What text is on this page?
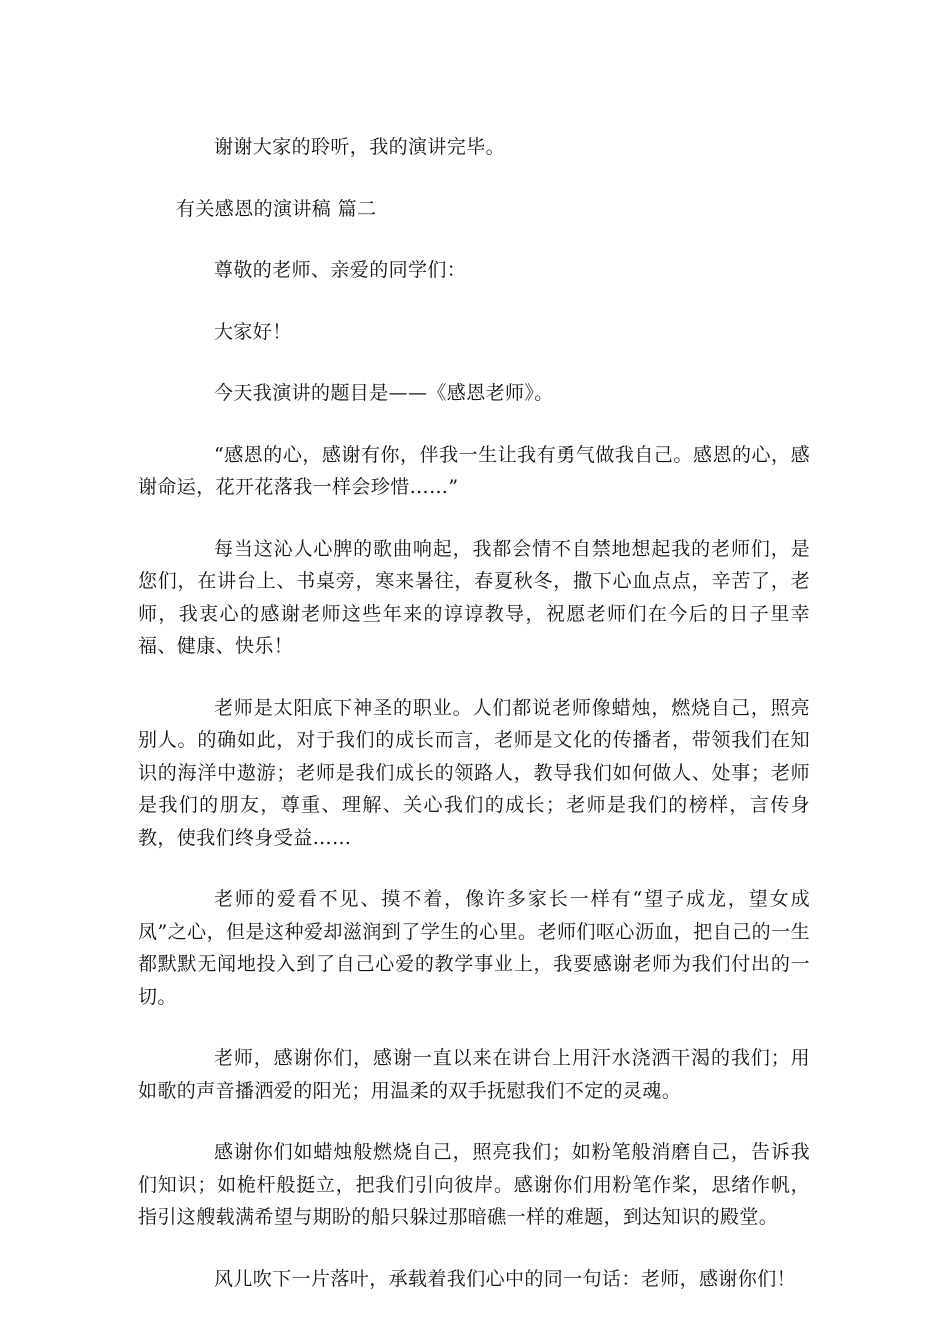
谢谢大家的聆听，我的演讲完毕。

有关感恩的演讲稿 篇二

尊敬的老师、亲爱的同学们：

大家好！

今天我演讲的题目是——《感恩老师》。

“感恩的心，感谢有你，伴我一生让我有勇气做我自己。感恩的心，感谢命运，花开花落我一样会珍惜……”

每当这沁人心脾的歌曲响起，我都会情不自禁地想起我的老师们，是您们，在讲台上、书桌旁，寒来暑往，春夏秋冬，撒下心血点点，辛苦了，老师，我衷心的感谢老师这些年来的谆谆教导，祝愿老师们在今后的日子里幸福、健康、快乐！

老师是太阳底下神圣的职业。人们都说老师像蜡烛，燃烧自己，照亮别人。的确如此，对于我们的成长而言，老师是文化的传播者，带领我们在知识的海洋中遨游；老师是我们成长的领路人，教导我们如何做人、处事；老师是我们的朋友，尊重、理解、关心我们的成长；老师是我们的榜样，言传身教，使我们终身受益……

老师的爱看不见、摸不着，像许多家长一样有“望子成龙，望女成凤”之心，但是这种爱却滋润到了学生的心里。老师们呕心沥血，把自己的一生都默默无闻地投入到了自己心爱的教学事业上，我要感谢老师为我们付出的一切。

老师，感谢你们，感谢一直以来在讲台上用汗水浇洒干渴的我们；用如歌的声音播洒爱的阳光；用温柔的双手抚慰我们不定的灵魂。

感谢你们如蜡烛般燃烧自己，照亮我们；如粉笔般消磨自己，告诉我们知识；如桅杆般挺立，把我们引向彼岸。感谢你们用粉笔作桨，思绪作帆，指引这艘载满希望与期盼的船只躲过那暗礁一样的难题，到达知识的殿堂。

风儿吹下一片落叶，承载着我们心中的同一句话：老师，感谢你们！
